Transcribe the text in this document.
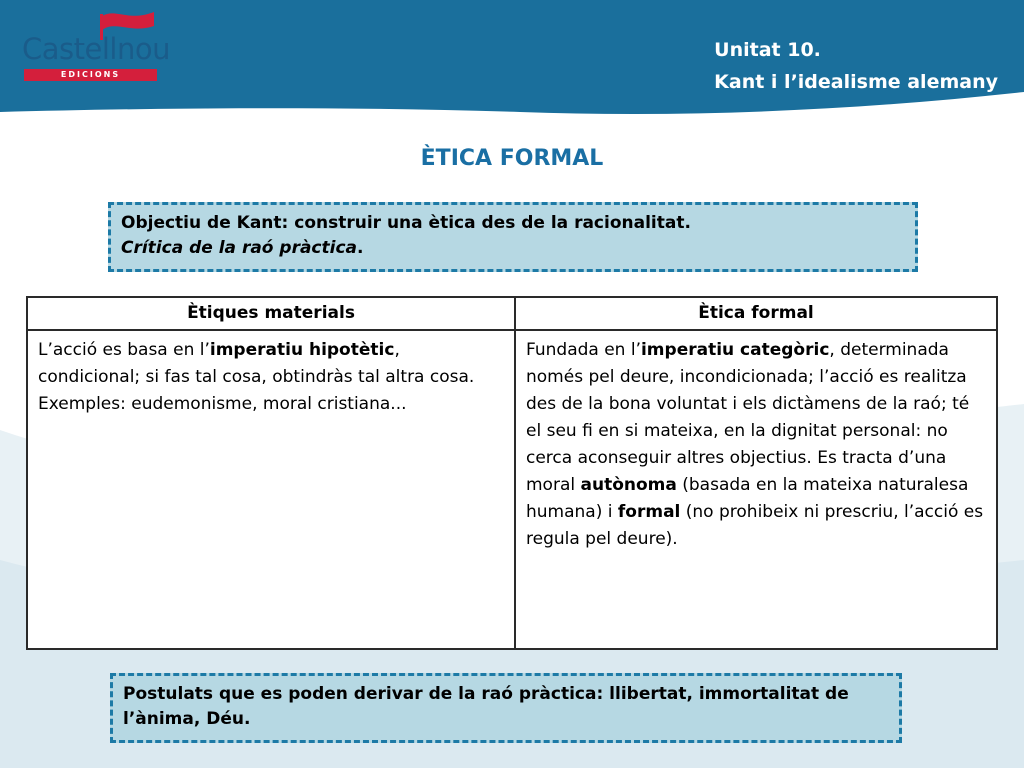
Castellnou
EDICIONS
Unitat 10.
Kant i l’idealisme alemany
ÈTICA FORMAL
Objectiu de Kant: construir una ètica des de la racionalitat.
Crítica de la raó pràctica.
Ètiques materials	Ètica formal
L’acció es basa en l’imperatiu hipotètic, condicional; si fas tal cosa, obtindràs tal altra cosa. Exemples: eudemonisme, moral cristiana...	Fundada en l’imperatiu categòric, determinada només pel deure, incondicionada; l’acció es realitza des de la bona voluntat i els dictàmens de la raó; té el seu fi en si mateixa, en la dignitat personal: no cerca aconseguir altres objectius. Es tracta d’una moral autònoma (basada en la mateixa naturalesa humana) i formal (no prohibeix ni prescriu, l’acció es regula pel deure).
Postulats que es poden derivar de la raó pràctica: llibertat, immortalitat de l’ànima, Déu.
